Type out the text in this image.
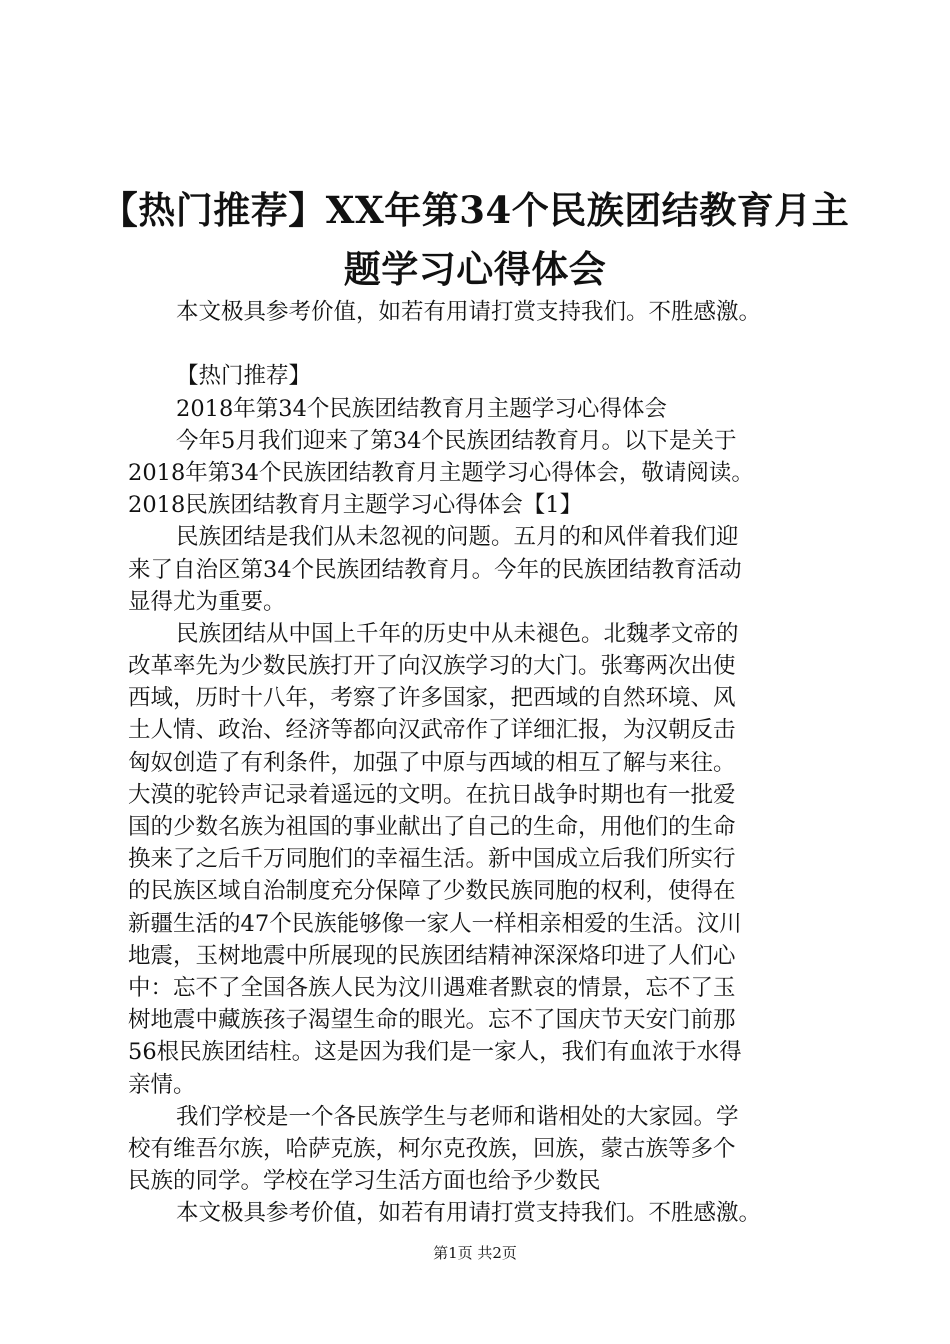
【热门推荐】XX年第34个民族团结教育月主
题学习心得体会
本文极具参考价值，如若有用请打赏支持我们。不胜感激。
【热门推荐】
2018年第34个民族团结教育月主题学习心得体会
今年5月我们迎来了第34个民族团结教育月。以下是关于
2018年第34个民族团结教育月主题学习心得体会，敬请阅读。
2018民族团结教育月主题学习心得体会【1】
民族团结是我们从未忽视的问题。五月的和风伴着我们迎
来了自治区第34个民族团结教育月。今年的民族团结教育活动
显得尤为重要。
民族团结从中国上千年的历史中从未褪色。北魏孝文帝的
改革率先为少数民族打开了向汉族学习的大门。张骞两次出使
西域，历时十八年，考察了许多国家，把西域的自然环境、风
土人情、政治、经济等都向汉武帝作了详细汇报，为汉朝反击
匈奴创造了有利条件，加强了中原与西域的相互了解与来往。
大漠的驼铃声记录着遥远的文明。在抗日战争时期也有一批爱
国的少数名族为祖国的事业献出了自己的生命，用他们的生命
换来了之后千万同胞们的幸福生活。新中国成立后我们所实行
的民族区域自治制度充分保障了少数民族同胞的权利，使得在
新疆生活的47个民族能够像一家人一样相亲相爱的生活。汶川
地震，玉树地震中所展现的民族团结精神深深烙印进了人们心
中：忘不了全国各族人民为汶川遇难者默哀的情景，忘不了玉
树地震中藏族孩子渴望生命的眼光。忘不了国庆节天安门前那
56根民族团结柱。这是因为我们是一家人，我们有血浓于水得
亲情。
我们学校是一个各民族学生与老师和谐相处的大家园。学
校有维吾尔族，哈萨克族，柯尔克孜族，回族，蒙古族等多个
民族的同学。学校在学习生活方面也给予少数民
本文极具参考价值，如若有用请打赏支持我们。不胜感激。
第1页 共2页
